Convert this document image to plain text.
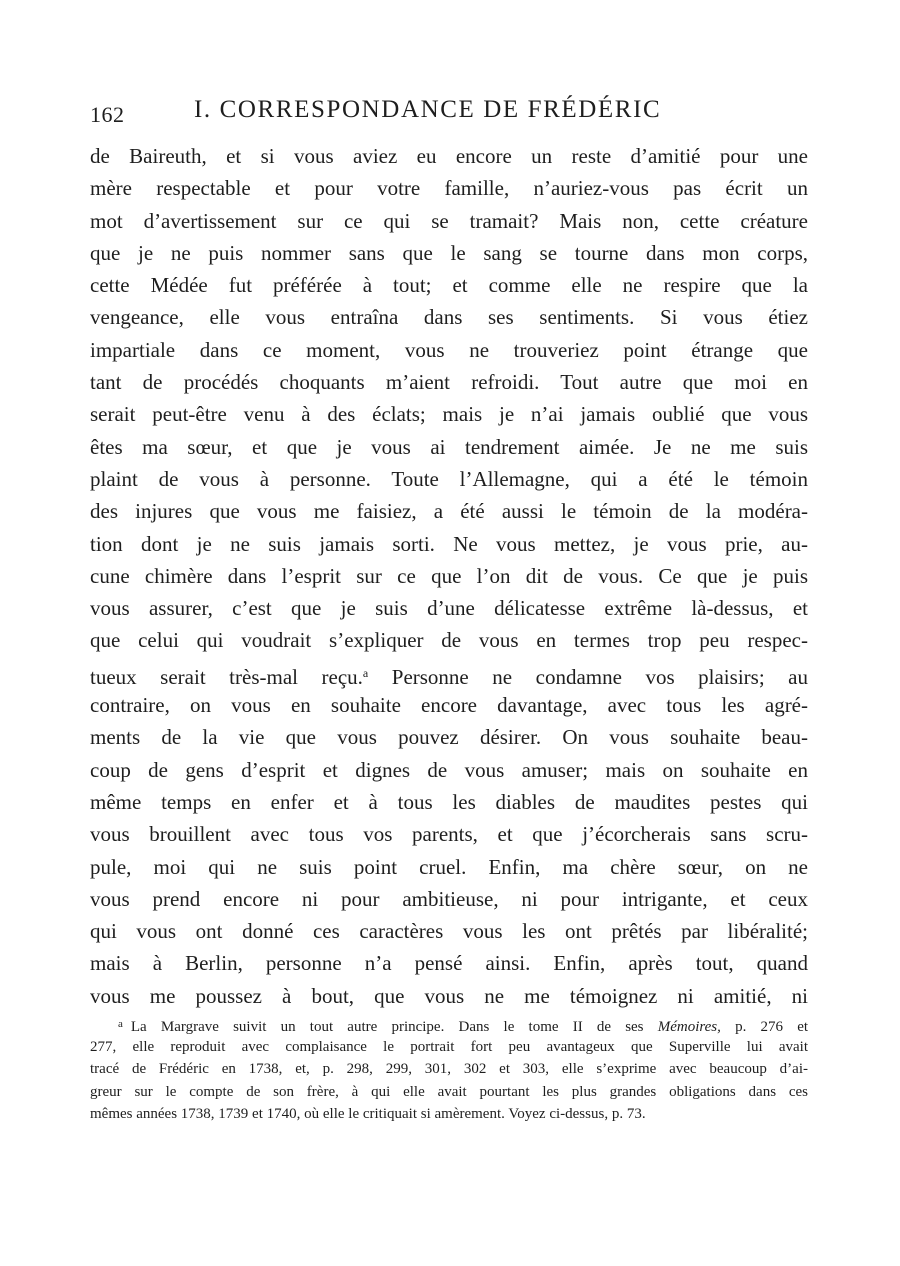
162	I. CORRESPONDANCE DE FRÉDÉRIC
de Baireuth, et si vous aviez eu encore un reste d’amitié pour une
mère respectable et pour votre famille, n’auriez-vous pas écrit un
mot d’avertissement sur ce qui se tramait? Mais non, cette créature
que je ne puis nommer sans que le sang se tourne dans mon corps,
cette Médée fut préférée à tout; et comme elle ne respire que la
vengeance, elle vous entraîna dans ses sentiments. Si vous étiez
impartiale dans ce moment, vous ne trouveriez point étrange que
tant de procédés choquants m’aient refroidi. Tout autre que moi en
serait peut-être venu à des éclats; mais je n’ai jamais oublié que vous
êtes ma sœur, et que je vous ai tendrement aimée. Je ne me suis
plaint de vous à personne. Toute l’Allemagne, qui a été le témoin
des injures que vous me faisiez, a été aussi le témoin de la modéra-
tion dont je ne suis jamais sorti. Ne vous mettez, je vous prie, au-
cune chimère dans l’esprit sur ce que l’on dit de vous. Ce que je puis
vous assurer, c’est que je suis d’une délicatesse extrême là-dessus, et
que celui qui voudrait s’expliquer de vous en termes trop peu respec-
tueux serait très-mal reçu.$^a$ Personne ne condamne vos plaisirs; au
contraire, on vous en souhaite encore davantage, avec tous les agré-
ments de la vie que vous pouvez désirer. On vous souhaite beau-
coup de gens d’esprit et dignes de vous amuser; mais on souhaite en
même temps en enfer et à tous les diables de maudites pestes qui
vous brouillent avec tous vos parents, et que j’écorcherais sans scru-
pule, moi qui ne suis point cruel. Enfin, ma chère sœur, on ne
vous prend encore ni pour ambitieuse, ni pour intrigante, et ceux
qui vous ont donné ces caractères vous les ont prêtés par libéralité;
mais à Berlin, personne n’a pensé ainsi. Enfin, après tout, quand
vous me poussez à bout, que vous ne me témoignez ni amitié, ni
$^a$ La Margrave suivit un tout autre principe. Dans le tome II de ses Mémoires, p. 276 et
277, elle reproduit avec complaisance le portrait fort peu avantageux que Superville lui avait
tracé de Frédéric en 1738, et, p. 298, 299, 301, 302 et 303, elle s’exprime avec beaucoup d’ai-
greur sur le compte de son frère, à qui elle avait pourtant les plus grandes obligations dans ces
mêmes années 1738, 1739 et 1740, où elle le critiquait si amèrement. Voyez ci-dessus, p. 73.
